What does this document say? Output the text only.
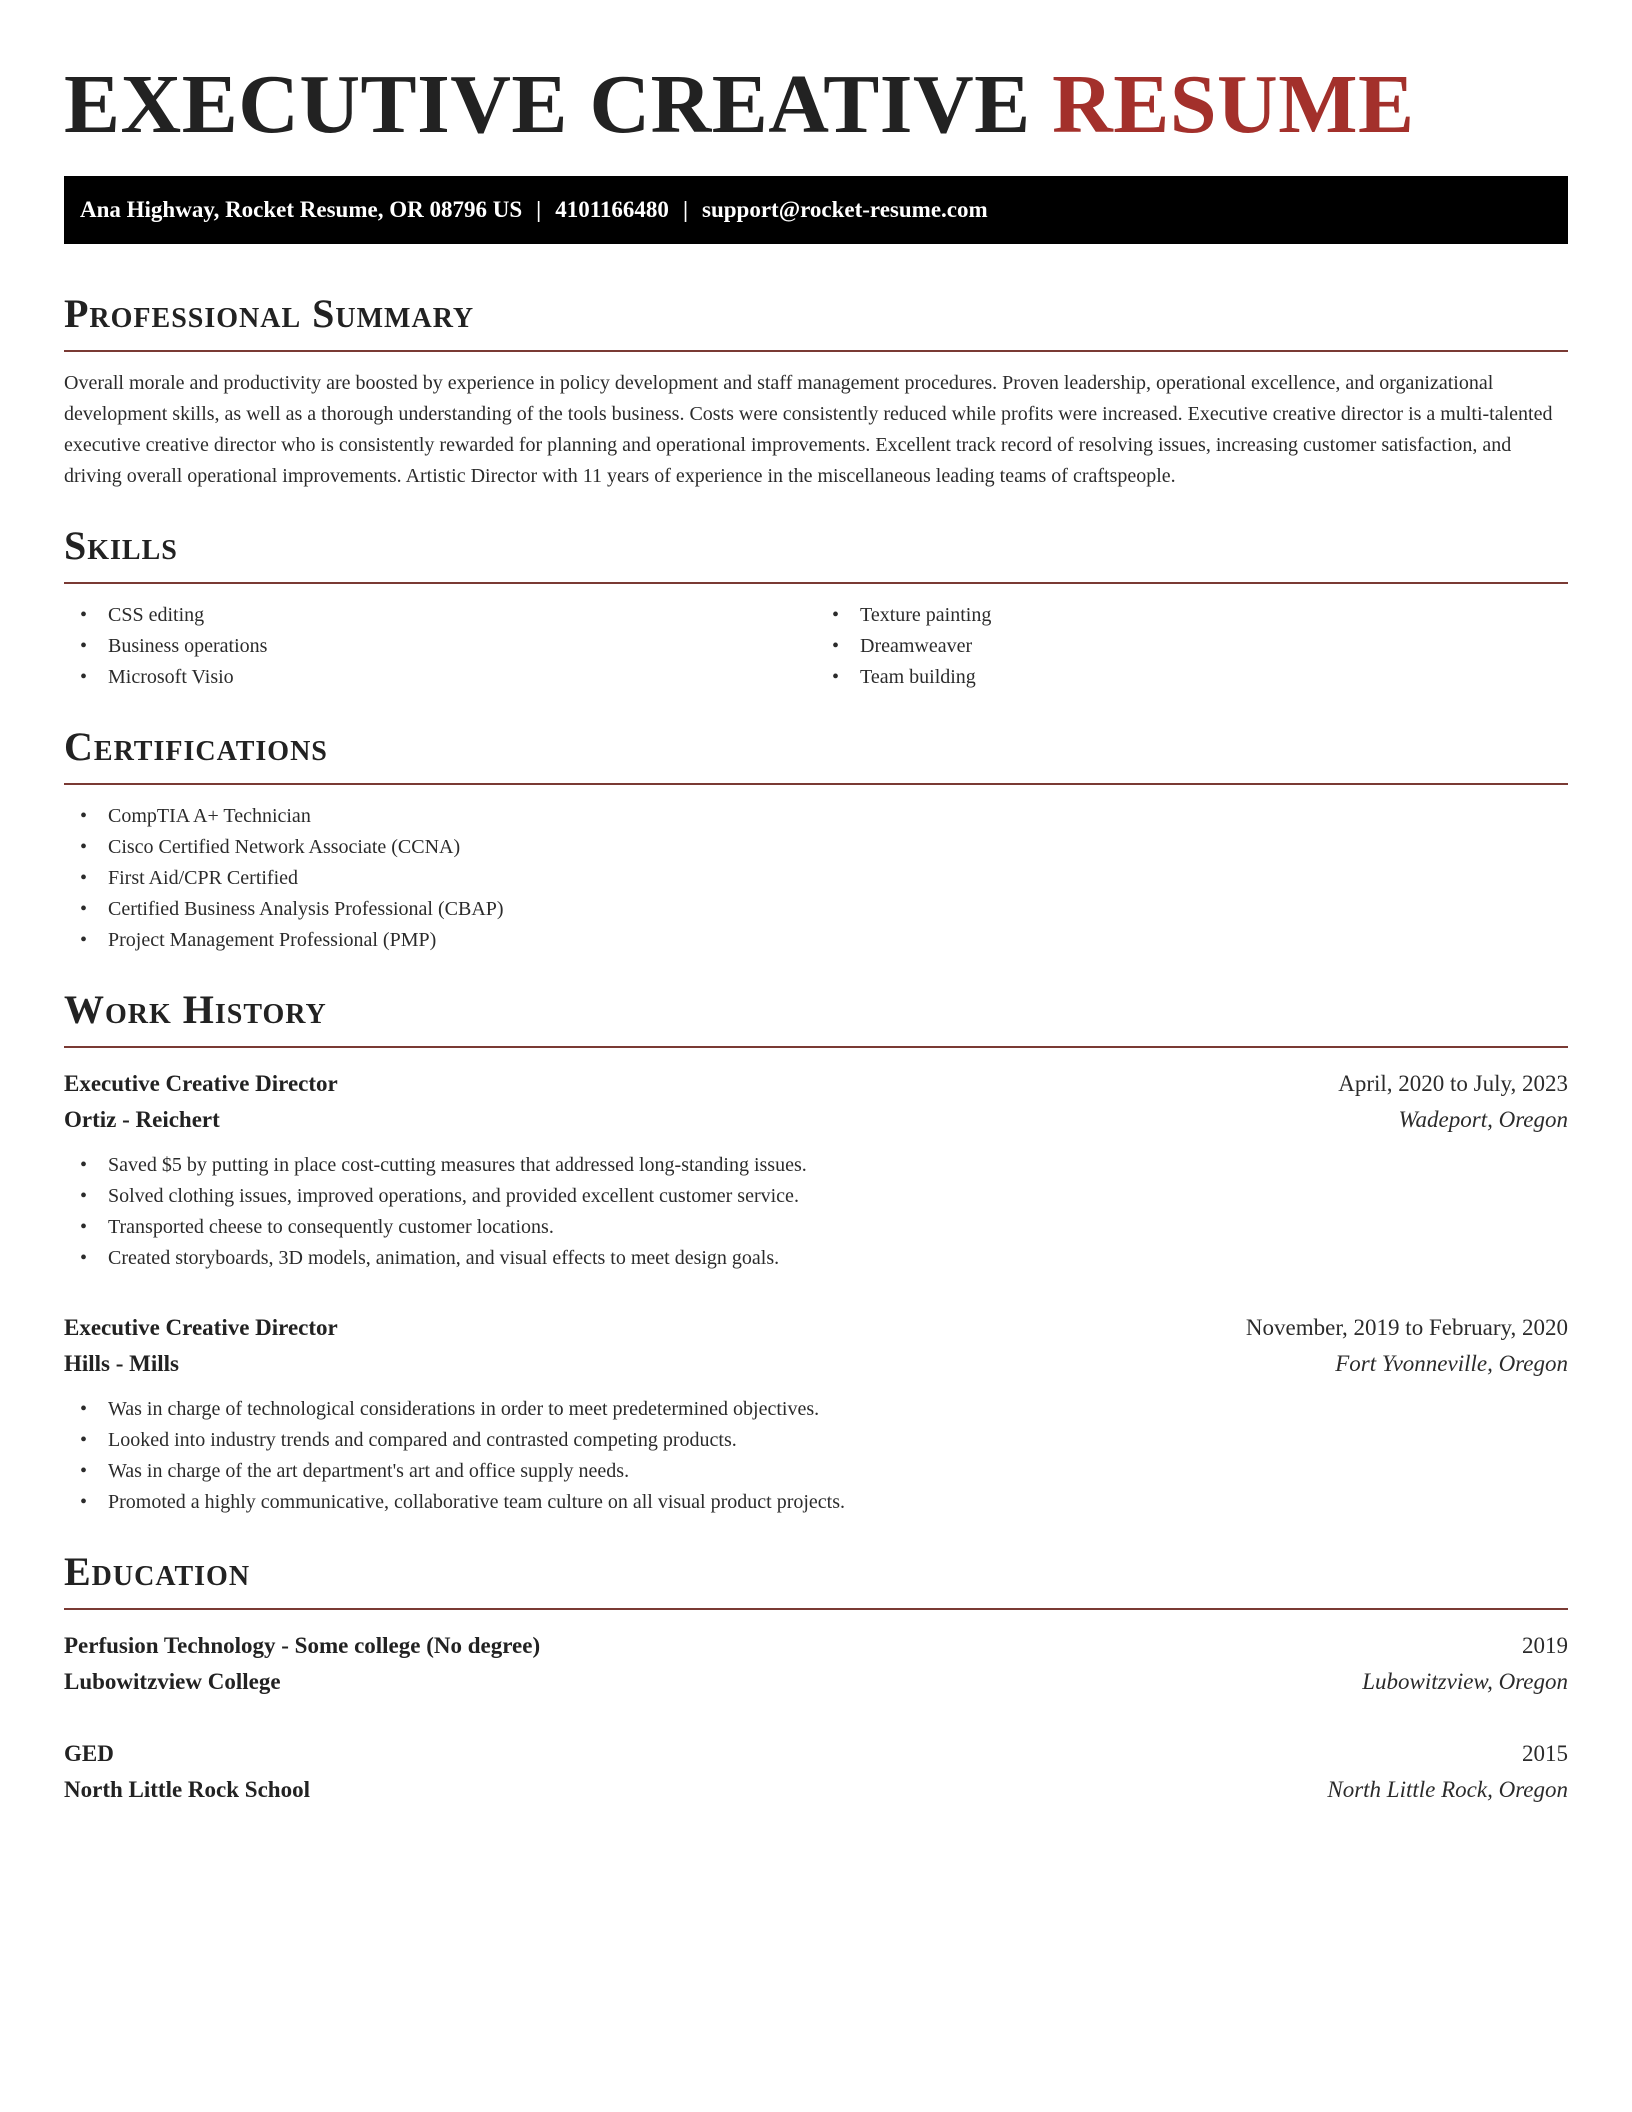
EXECUTIVE CREATIVE RESUME
Ana Highway, Rocket Resume, OR 08796 US | 4101166480 | support@rocket-resume.com
Professional Summary

Overall morale and productivity are boosted by experience in policy development and staff management procedures. Proven leadership, operational excellence, and organizational development skills, as well as a thorough understanding of the tools business. Costs were consistently reduced while profits were increased. Executive creative director is a multi-talented executive creative director who is consistently rewarded for planning and operational improvements. Excellent track record of resolving issues, increasing customer satisfaction, and driving overall operational improvements. Artistic Director with 11 years of experience in the miscellaneous leading teams of craftspeople.

Skills
• CSS editing
• Business operations
• Microsoft Visio
• Texture painting
• Dreamweaver
• Team building
Certifications
• CompTIA A+ Technician
• Cisco Certified Network Associate (CCNA)
• First Aid/CPR Certified
• Certified Business Analysis Professional (CBAP)
• Project Management Professional (PMP)
Work History
Executive Creative Director	April, 2020 to July, 2023
Ortiz - Reichert	Wadeport, Oregon
• Saved $5 by putting in place cost-cutting measures that addressed long-standing issues.
• Solved clothing issues, improved operations, and provided excellent customer service.
• Transported cheese to consequently customer locations.
• Created storyboards, 3D models, animation, and visual effects to meet design goals.
Executive Creative Director	November, 2019 to February, 2020
Hills - Mills	Fort Yvonneville, Oregon
• Was in charge of technological considerations in order to meet predetermined objectives.
• Looked into industry trends and compared and contrasted competing products.
• Was in charge of the art department's art and office supply needs.
• Promoted a highly communicative, collaborative team culture on all visual product projects.
Education
Perfusion Technology - Some college (No degree)	2019
Lubowitzview College	Lubowitzview, Oregon
GED	2015
North Little Rock School	North Little Rock, Oregon
